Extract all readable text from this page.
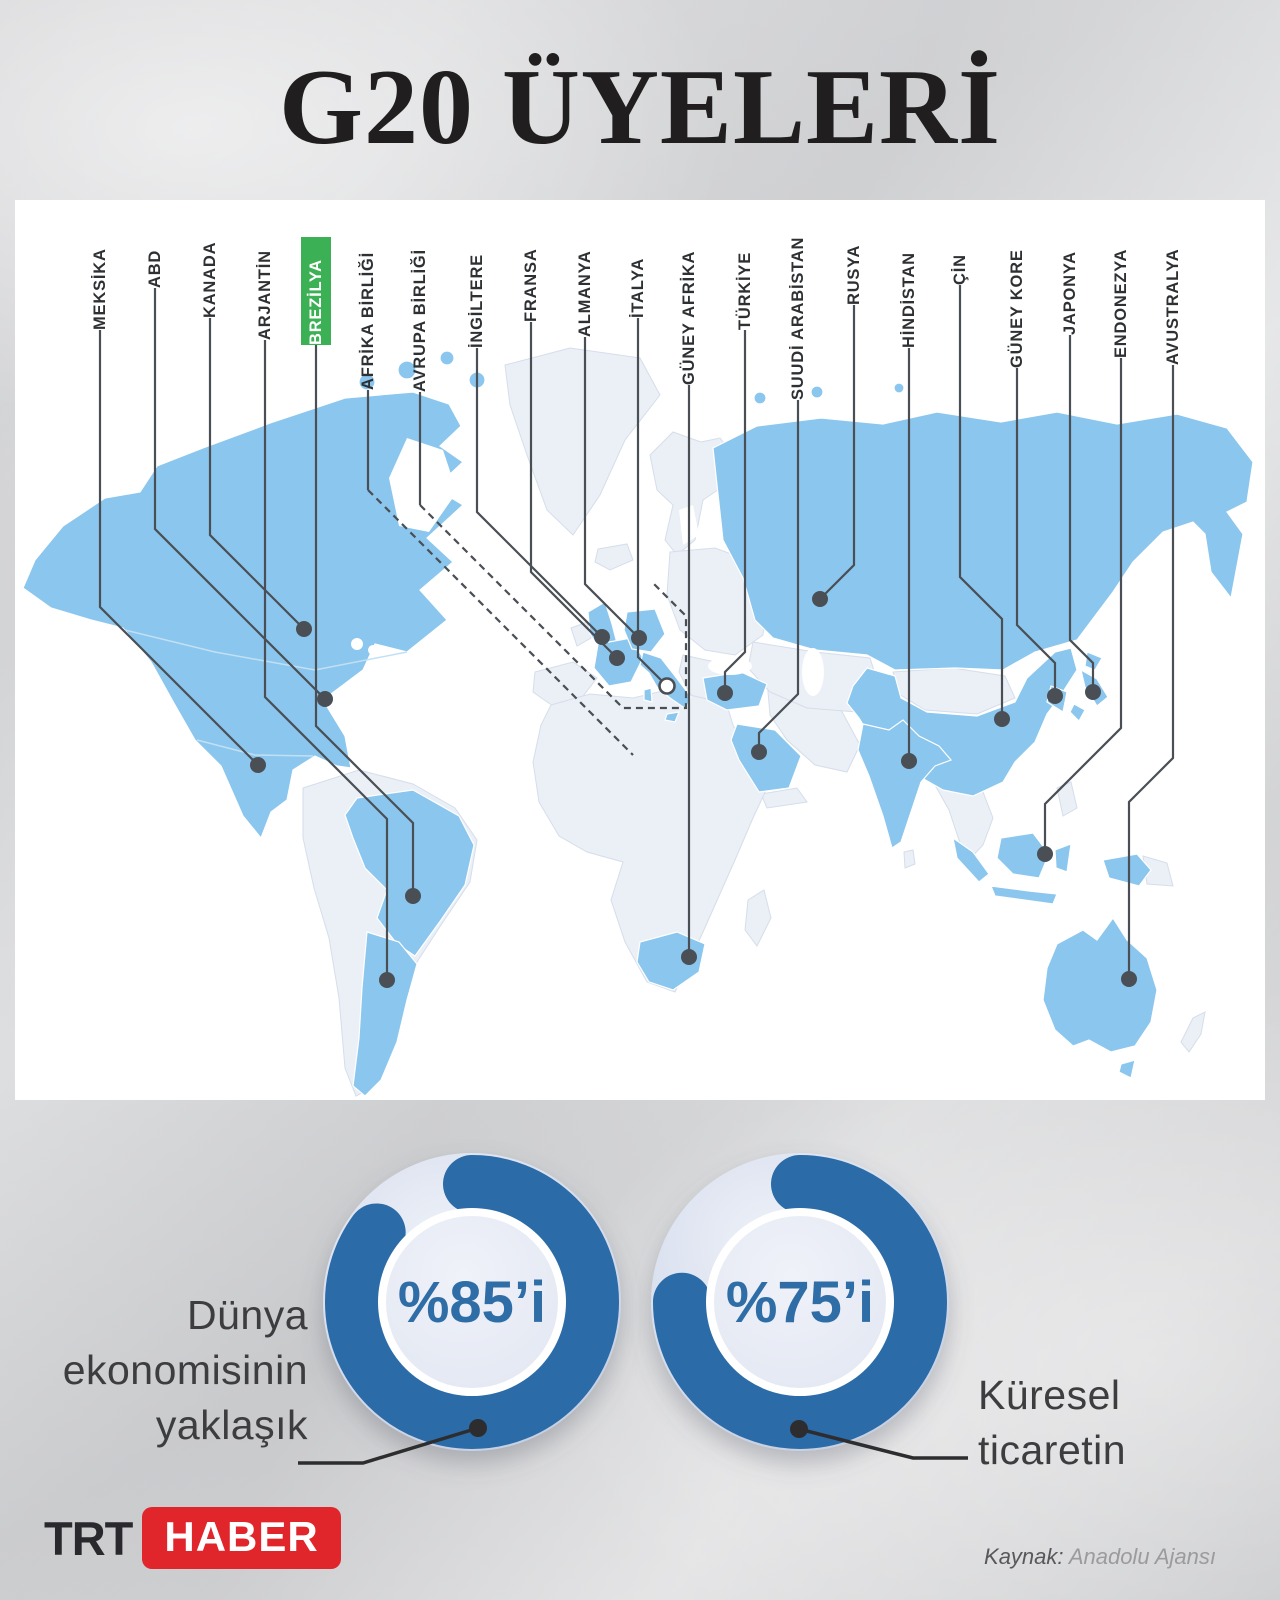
G20 ÜYELERİ
MEKSİKA	ABD	KANADA	ARJANTİN	BREZİLYA	AFRİKA BİRLİĞİ	AVRUPA BİRLİĞİ	İNGİLTERE	FRANSA	ALMANYA	İTALYA	GÜNEY AFRİKA	TÜRKİYE	SUUDİ ARABİSTAN	RUSYA	HİNDİSTAN	ÇİN	GÜNEY KORE	JAPONYA	ENDONEZYA	AVUSTRALYA
%85’i	%75’i
Dünya
ekonomisinin
yaklaşık
Küresel
ticaretin
TRT HABER	Kaynak: Anadolu Ajansı
